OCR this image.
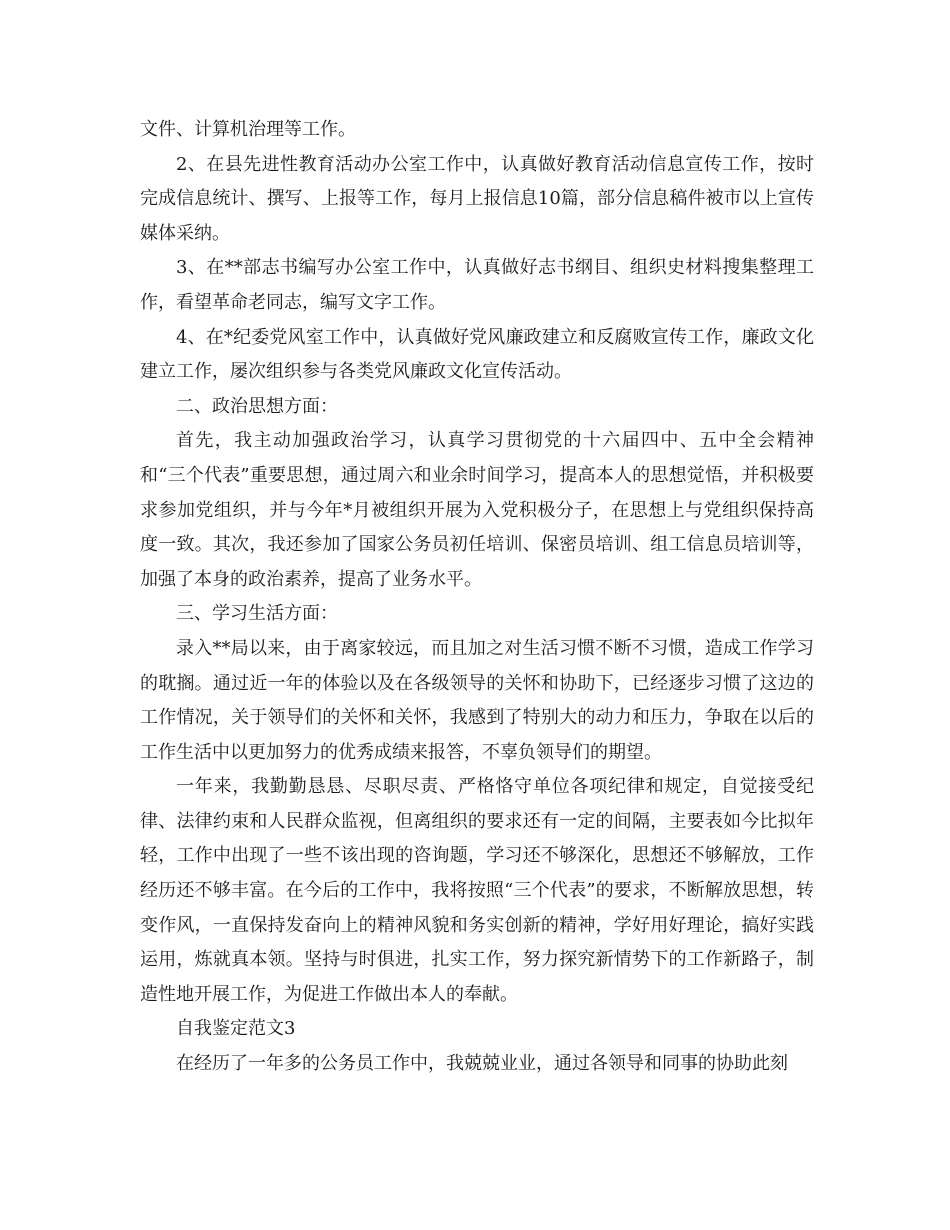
文件、计算机治理等工作。

2、在县先进性教育活动办公室工作中，认真做好教育活动信息宣传工作，按时完成信息统计、撰写、上报等工作，每月上报信息10篇，部分信息稿件被市以上宣传媒体采纳。

3、在**部志书编写办公室工作中，认真做好志书纲目、组织史材料搜集整理工作，看望革命老同志，编写文字工作。

4、在*纪委党风室工作中，认真做好党风廉政建立和反腐败宣传工作，廉政文化建立工作，屡次组织参与各类党风廉政文化宣传活动。

二、政治思想方面：

首先，我主动加强政治学习，认真学习贯彻党的十六届四中、五中全会精神和“三个代表”重要思想，通过周六和业余时间学习，提高本人的思想觉悟，并积极要求参加党组织，并与今年*月被组织开展为入党积极分子，在思想上与党组织保持高度一致。其次，我还参加了国家公务员初任培训、保密员培训、组工信息员培训等，加强了本身的政治素养，提高了业务水平。

三、学习生活方面：

录入**局以来，由于离家较远，而且加之对生活习惯不断不习惯，造成工作学习的耽搁。通过近一年的体验以及在各级领导的关怀和协助下，已经逐步习惯了这边的工作情况，关于领导们的关怀和关怀，我感到了特别大的动力和压力，争取在以后的工作生活中以更加努力的优秀成绩来报答，不辜负领导们的期望。

一年来，我勤勤恳恳、尽职尽责、严格恪守单位各项纪律和规定，自觉接受纪律、法律约束和人民群众监视，但离组织的要求还有一定的间隔，主要表如今比拟年轻，工作中出现了一些不该出现的咨询题，学习还不够深化，思想还不够解放，工作经历还不够丰富。在今后的工作中，我将按照“三个代表”的要求，不断解放思想，转变作风，一直保持发奋向上的精神风貌和务实创新的精神，学好用好理论，搞好实践运用，炼就真本领。坚持与时俱进，扎实工作，努力探究新情势下的工作新路子，制造性地开展工作，为促进工作做出本人的奉献。

自我鉴定范文3

在经历了一年多的公务员工作中，我兢兢业业，通过各领导和同事的协助此刻
